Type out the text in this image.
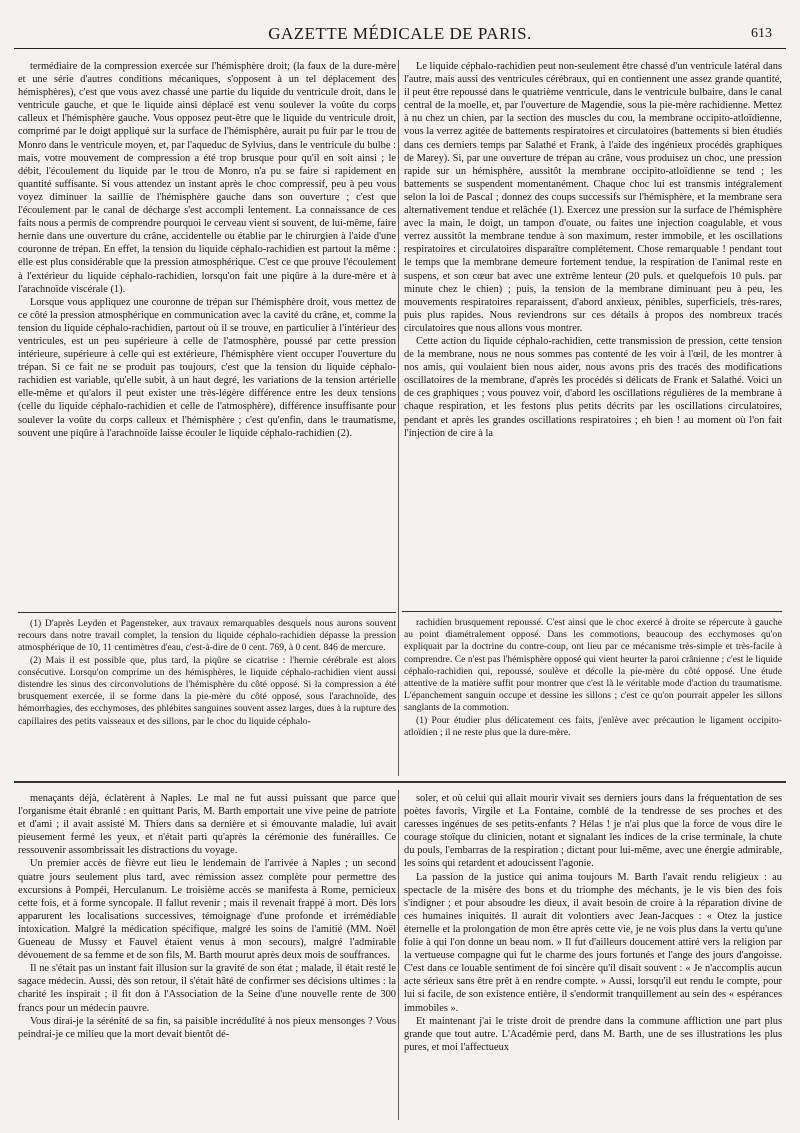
GAZETTE MÉDICALE DE PARIS.	613

termédiaire de la compression exercée sur l'hémisphère droit; (la faux de la dure-mère et une série d'autres conditions mécaniques, s'opposent à un tel déplacement des hémisphères), c'est que vous avez chassé une partie du liquide du ventricule droit, dans le ventricule gauche, et que le liquide ainsi déplacé est venu soulever la voûte du corps calleux et l'hémisphère gauche. Vous opposez peut-être que le liquide du ventricule droit, comprimé par le doigt appliqué sur la surface de l'hémisphère, aurait pu fuir par le trou de Monro dans le ventricule moyen, et, par l'aqueduc de Sylvius, dans le ventricule du bulbe : mais, votre mouvement de compression a été trop brusque pour qu'il en soit ainsi ; le débit, l'écoulement du liquide par le trou de Monro, n'a pu se faire si rapidement en quantité suffisante. Si vous attendez un instant après le choc compressif, peu à peu vous voyez diminuer la saillie de l'hémisphère gauche dans son ouverture ; c'est que l'écoulement par le canal de décharge s'est accompli lentement. La connaissance de ces faits nous a permis de comprendre pourquoi le cerveau vient si souvent, de lui-même, faire hernie dans une ouverture du crâne, accidentelle ou établie par le chirurgien à l'aide d'une couronne de trépan. En effet, la tension du liquide céphalo-rachidien est partout la même : elle est plus considérable que la pression atmosphérique. C'est ce que prouve l'écoulement à l'extérieur du liquide céphalo-rachidien, lorsqu'on fait une piqûre à la dure-mère et à l'arachnoïde viscérale (1).

Lorsque vous appliquez une couronne de trépan sur l'hémisphère droit, vous mettez de ce côté la pression atmosphérique en communication avec la cavité du crâne, et, comme la tension du liquide céphalo-rachidien, partout où il se trouve, en particulier à l'intérieur des ventricules, est un peu supérieure à celle de l'atmosphère, poussé par cette pression intérieure, supérieure à celle qui est extérieure, l'hémisphère vient occuper l'ouverture du trépan. Si ce fait ne se produit pas toujours, c'est que la tension du liquide céphalo-rachidien est variable, qu'elle subit, à un haut degré, les variations de la tension artérielle elle-même et qu'alors il peut exister une très-légère différence entre les deux tensions (celle du liquide céphalo-rachidien et celle de l'atmosphère), différence insuffisante pour soulever la voûte du corps calleux et l'hémisphère ; c'est qu'enfin, dans le traumatisme, souvent une piqûre à l'arachnoïde laisse écouler le liquide céphalo-rachidien (2).

(1) D'après Leyden et Pagensteker, aux travaux remarquables desquels nous aurons souvent recours dans notre travail complet, la tension du liquide céphalo-rachidien dépasse la pression atmosphérique de 10, 11 centimètres d'eau, c'est-à-dire de 0 cent. 769, à 0 cent. 846 de mercure.

(2) Mais il est possible que, plus tard, la piqûre se cicatrise : l'hernie cérébrale est alors consécutive. Lorsqu'on comprime un des hémisphères, le liquide céphalo-rachidien vient aussi distendre les sinus des circonvolutions de l'hémisphère du côté opposé. Si la compression a été brusquement exercée, il se forme dans la pie-mère du côté opposé, sous l'arachnoïde, des hémorrhagies, des ecchymoses, des phlébites sanguines souvent assez larges, dues à la rupture des capillaires des petits vaisseaux et des sillons, par le choc du liquide céphalo-

Le liquide céphalo-rachidien peut non-seulement être chassé d'un ventricule latéral dans l'autre, mais aussi des ventricules cérébraux, qui en contiennent une assez grande quantité, il peut être repoussé dans le quatrième ventricule, dans le ventricule bulbaire, dans le canal central de la moelle, et, par l'ouverture de Magendie, sous la pie-mère rachidienne. Mettez à nu chez un chien, par la section des muscles du cou, la membrane occipito-atloïdienne, vous la verrez agitée de battements respiratoires et circulatoires (battements si bien étudiés dans ces derniers temps par Salathé et Frank, à l'aide des ingénieux procédés graphiques de Marey). Si, par une ouverture de trépan au crâne, vous produisez un choc, une pression rapide sur un hémisphère, aussitôt la membrane occipito-atloïdienne se tend ; les battements se suspendent momentanément. Chaque choc lui est transmis intégralement selon la loi de Pascal ; donnez des coups successifs sur l'hémisphère, et la membrane sera alternativement tendue et relâchée (1). Exercez une pression sur la surface de l'hémisphère avec la main, le doigt, un tampon d'ouate, ou faites une injection coagulable, et vous verrez aussitôt la membrane tendue à son maximum, rester immobile, et les oscillations respiratoires et circulatoires disparaître complétement. Chose remarquable ! pendant tout le temps que la membrane demeure fortement tendue, la respiration de l'animal reste en suspens, et son cœur bat avec une extrême lenteur (20 puls. et quelquefois 10 puls. par minute chez le chien) ; puis, la tension de la membrane diminuant peu à peu, les mouvements respiratoires reparaissent, d'abord anxieux, pénibles, superficiels, très-rares, puis plus rapides. Nous reviendrons sur ces détails à propos des nombreux tracés circulatoires que nous allons vous montrer.

Cette action du liquide céphalo-rachidien, cette transmission de pression, cette tension de la membrane, nous ne nous sommes pas contenté de les voir à l'œil, de les montrer à nos amis, qui voulaient bien nous aider, nous avons pris des tracés des modifications oscillatoires de la membrane, d'après les procédés si délicats de Frank et Salathé. Voici un de ces graphiques ; vous pouvez voir, d'abord les oscillations régulières de la membrane à chaque respiration, et les festons plus petits décrits par les oscillations circulatoires, pendant et après les grandes oscillations respiratoires ; eh bien ! au moment où l'on fait l'injection de cire à la

rachidien brusquement repoussé. C'est ainsi que le choc exercé à droite se répercute à gauche au point diamétralement opposé. Dans les commotions, beaucoup des ecchymoses qu'on expliquait par la doctrine du contre-coup, ont lieu par ce mécanisme très-simple et très-facile à comprendre. Ce n'est pas l'hémisphère opposé qui vient heurter la paroi crânienne ; c'est le liquide céphalo-rachidien qui, repoussé, soulève et décolle la pie-mère du côté opposé. Une étude attentive de la matière suffit pour montrer que c'est là le véritable mode d'action du traumatisme. L'épanchement sanguin occupe et dessine les sillons ; c'est ce qu'on pourrait appeler les sillons sanglants de la commotion.

(1) Pour étudier plus délicatement ces faits, j'enlève avec précaution le ligament occipito-atloïdien ; il ne reste plus que la dure-mère.

menaçants déjà, éclatèrent à Naples. Le mal ne fut aussi puissant que parce que l'organisme était ébranlé : en quittant Paris, M. Barth emportait une vive peine de patriote et d'ami ; il avait assisté M. Thiers dans sa dernière et si émouvante maladie, lui avait pieusement fermé les yeux, et n'était parti qu'après la cérémonie des funérailles. Ce ressouvenir assombrissait les distractions du voyage.

Un premier accès de fièvre eut lieu le lendemain de l'arrivée à Naples ; un second quatre jours seulement plus tard, avec rémission assez complète pour permettre des excursions à Pompéi, Herculanum. Le troisième accès se manifesta à Rome, pernicieux cette fois, et à forme syncopale. Il fallut revenir ; mais il revenait frappé à mort. Dès lors apparurent les localisations successives, témoignage d'une profonde et irrémédiable intoxication. Malgré la médication spécifique, malgré les soins de l'amitié (MM. Noël Gueneau de Mussy et Fauvel étaient venus à mon secours), malgré l'admirable dévouement de sa femme et de son fils, M. Barth mourut après deux mois de souffrances.

Il ne s'était pas un instant fait illusion sur la gravité de son état ; malade, il était resté le sagace médecin. Aussi, dès son retour, il s'était hâté de confirmer ses décisions ultimes : la charité les inspirait ; il fit don à l'Association de la Seine d'une nouvelle rente de 300 francs pour un médecin pauvre.

Vous dirai-je la sérénité de sa fin, sa paisible incrédulité à nos pieux mensonges ? Vous peindrai-je ce milieu que la mort devait bientôt dé-

soler, et où celui qui allait mourir vivait ses derniers jours dans la fréquentation de ses poètes favoris, Virgile et La Fontaine, comblé de la tendresse de ses proches et des caresses ingénues de ses petits-enfants ? Hélas ! je n'ai plus que la force de vous dire le courage stoïque du clinicien, notant et signalant les indices de la crise terminale, la chute du pouls, l'embarras de la respiration ; dictant pour lui-même, avec une énergie admirable, les soins qui retardent et adoucissent l'agonie.

La passion de la justice qui anima toujours M. Barth l'avait rendu religieux : au spectacle de la misère des bons et du triomphe des méchants, je le vis bien des fois s'indigner ; et pour absoudre les dieux, il avait besoin de croire à la réparation divine de ces humaines iniquités. Il aurait dit volontiers avec Jean-Jacques : « Otez la justice éternelle et la prolongation de mon être après cette vie, je ne vois plus dans la vertu qu'une folie à qui l'on donne un beau nom. » Il fut d'ailleurs doucement attiré vers la religion par la vertueuse compagne qui fut le charme des jours fortunés et l'ange des jours d'angoisse. C'est dans ce louable sentiment de foi sincère qu'il disait souvent : « Je n'accomplis aucun acte sérieux sans être prêt à en rendre compte. » Aussi, lorsqu'il eut rendu le compte, pour lui si facile, de son existence entière, il s'endormit tranquillement au sein des « espérances immobiles ».

Et maintenant j'ai le triste droit de prendre dans la commune affliction une part plus grande que tout autre. L'Académie perd, dans M. Barth, une de ses illustrations les plus pures, et moi l'affectueux
